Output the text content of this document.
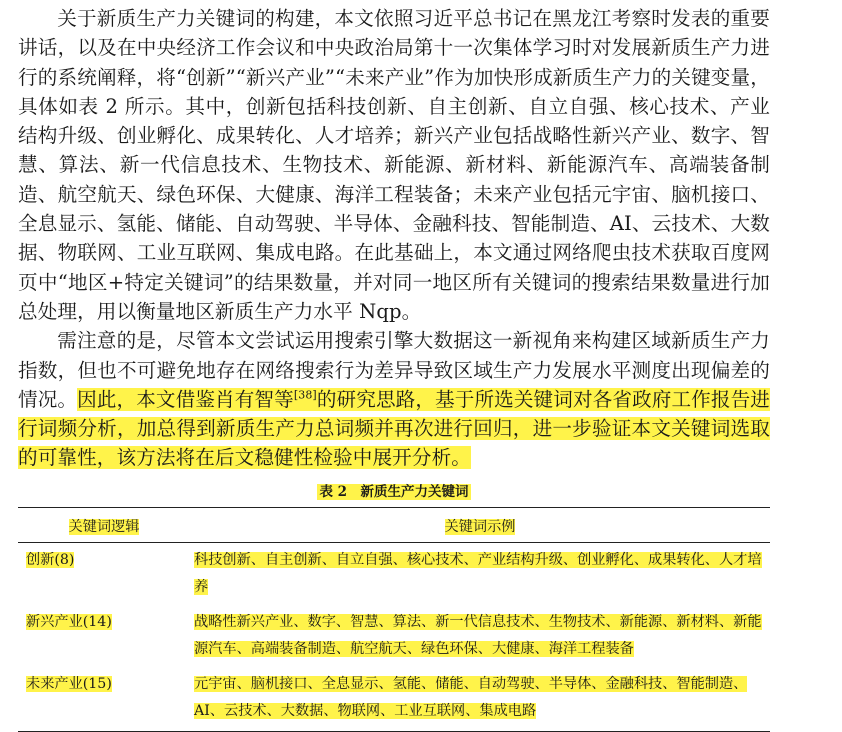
关于新质生产力关键词的构建，本文依照习近平总书记在黑龙江考察时发表的重要讲话，以及在中央经济工作会议和中央政治局第十一次集体学习时对发展新质生产力进行的系统阐释，将“创新”“新兴产业”“未来产业”作为加快形成新质生产力的关键变量，具体如表 2 所示。其中，创新包括科技创新、自主创新、自立自强、核心技术、产业结构升级、创业孵化、成果转化、人才培养；新兴产业包括战略性新兴产业、数字、智慧、算法、新一代信息技术、生物技术、新能源、新材料、新能源汽车、高端装备制造、航空航天、绿色环保、大健康、海洋工程装备；未来产业包括元宇宙、脑机接口、全息显示、氢能、储能、自动驾驶、半导体、金融科技、智能制造、AI、云技术、大数据、物联网、工业互联网、集成电路。在此基础上，本文通过网络爬虫技术获取百度网页中“地区+特定关键词”的结果数量，并对同一地区所有关键词的搜索结果数量进行加总处理，用以衡量地区新质生产力水平 Nqp。

需注意的是，尽管本文尝试运用搜索引擎大数据这一新视角来构建区域新质生产力指数，但也不可避免地存在网络搜索行为差异导致区域生产力发展水平测度出现偏差的情况。因此，本文借鉴肖有智等[38]的研究思路，基于所选关键词对各省政府工作报告进行词频分析，加总得到新质生产力总词频并再次进行回归，进一步验证本文关键词选取的可靠性，该方法将在后文稳健性检验中展开分析。

表 2　新质生产力关键词
关键词逻辑	关键词示例
创新(8)	科技创新、自主创新、自立自强、核心技术、产业结构升级、创业孵化、成果转化、人才培养
新兴产业(14)	战略性新兴产业、数字、智慧、算法、新一代信息技术、生物技术、新能源、新材料、新能源汽车、高端装备制造、航空航天、绿色环保、大健康、海洋工程装备
未来产业(15)	元宇宙、脑机接口、全息显示、氢能、储能、自动驾驶、半导体、金融科技、智能制造、AI、云技术、大数据、物联网、工业互联网、集成电路
